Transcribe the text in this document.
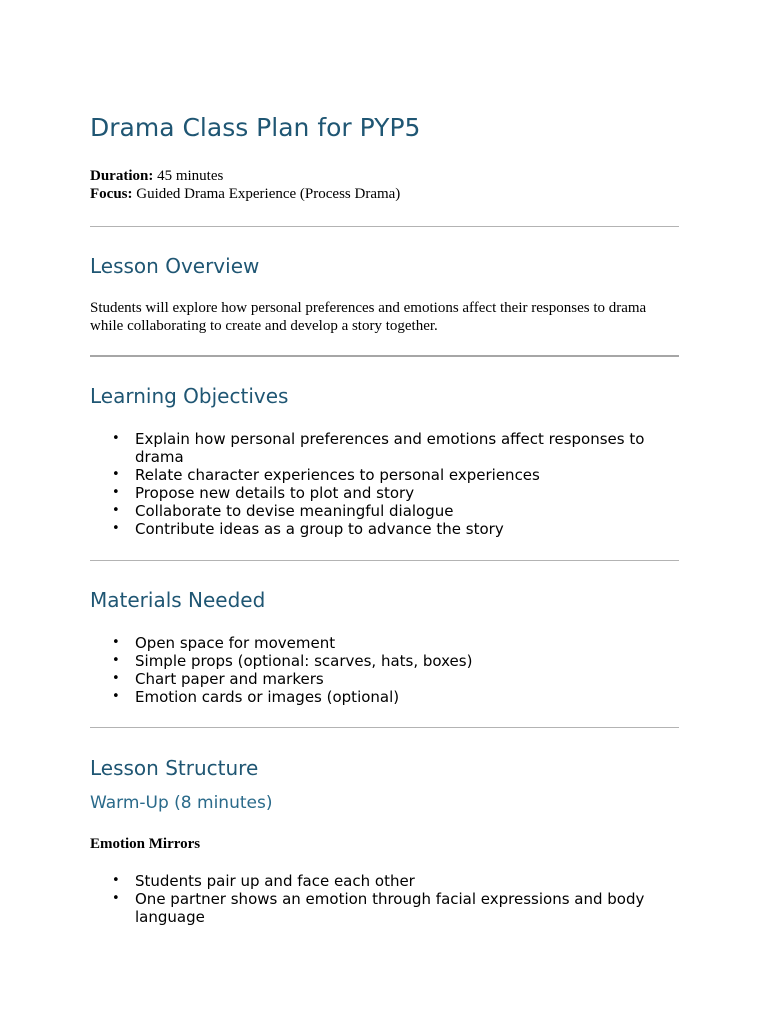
Drama Class Plan for PYP5
Duration: 45 minutes
Focus: Guided Drama Experience (Process Drama)
Lesson Overview

Students will explore how personal preferences and emotions affect their responses to drama while collaborating to create and develop a story together.

Learning Objectives
• Explain how personal preferences and emotions affect responses to drama
• Relate character experiences to personal experiences
• Propose new details to plot and story
• Collaborate to devise meaningful dialogue
• Contribute ideas as a group to advance the story
Materials Needed
• Open space for movement
• Simple props (optional: scarves, hats, boxes)
• Chart paper and markers
• Emotion cards or images (optional)
Lesson Structure
Warm-Up (8 minutes)

Emotion Mirrors

• Students pair up and face each other
• One partner shows an emotion through facial expressions and body language
